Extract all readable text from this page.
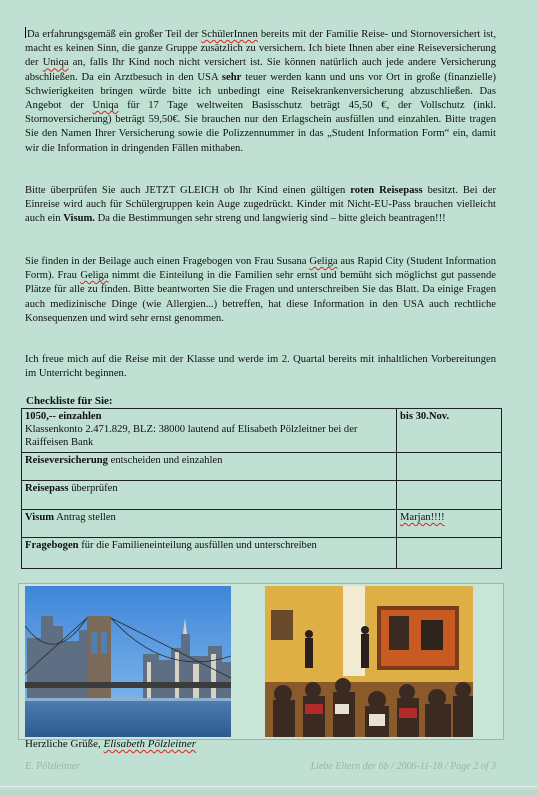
Da erfahrungsgemäß ein großer Teil der SchülerInnen bereits mit der Familie Reise- und Stornoversichert ist, macht es keinen Sinn, die ganze Gruppe zusätzlich zu versichern. Ich biete Ihnen aber eine Reiseversicherung der Uniqa an, falls Ihr Kind noch nicht versichert ist. Sie können natürlich auch jede andere Versicherung abschließen. Da ein Arztbesuch in den USA sehr teuer werden kann und uns vor Ort in große (finanzielle) Schwierigkeiten bringen würde bitte ich unbedingt eine Reisekrankenversicherung abzuschließen. Das Angebot der Uniqa für 17 Tage weltweiten Basisschutz beträgt 45,50 €, der Vollschutz (inkl. Stornoversicherung) beträgt 59,50€. Sie brauchen nur den Erlagschein ausfüllen und einzahlen. Bitte tragen Sie den Namen Ihrer Versicherung sowie die Polizzennummer in das „Student Information Form“ ein, damit wir die Information in dringenden Fällen mithaben.

Bitte überprüfen Sie auch JETZT GLEICH ob Ihr Kind einen gültigen roten Reisepass besitzt. Bei der Einreise wird auch für Schülergruppen kein Auge zugedrückt. Kinder mit Nicht-EU-Pass brauchen vielleicht auch ein Visum. Da die Bestimmungen sehr streng und langwierig sind – bitte gleich beantragen!!!

Sie finden in der Beilage auch einen Fragebogen von Frau Susana Geliga aus Rapid City (Student Information Form). Frau Geliga nimmt die Einteilung in die Familien sehr ernst und bemüht sich möglichst gut passende Plätze für alle zu finden. Bitte beantworten Sie die Fragen und unterschreiben Sie das Blatt. Da einige Fragen auch medizinische Dinge (wie Allergien...) betreffen, hat diese Information in den USA auch rechtliche Konsequenzen und wird sehr ernst genommen.

Ich freue mich auf die Reise mit der Klasse und werde im 2. Quartal bereits mit inhaltlichen Vorbereitungen im Unterricht beginnen.

Checkliste für Sie:

1050,-- einzahlen
Klassenkonto 2.471.829, BLZ: 38000 lautend auf Elisabeth Pölzleitner bei der Raiffeisen Bank	bis 30.Nov.
Reiseversicherung entscheiden und einzahlen	
Reisepass überprüfen	
Visum Antrag stellen	Marjan!!!!
Fragebogen für die Familieneinteilung ausfüllen und unterschreiben	

Herzliche Grüße, Elisabeth Pölzleitner

E. Pölzleitner	Liebe Eltern der 6b / 2006-11-18 / Page 2 of 3
